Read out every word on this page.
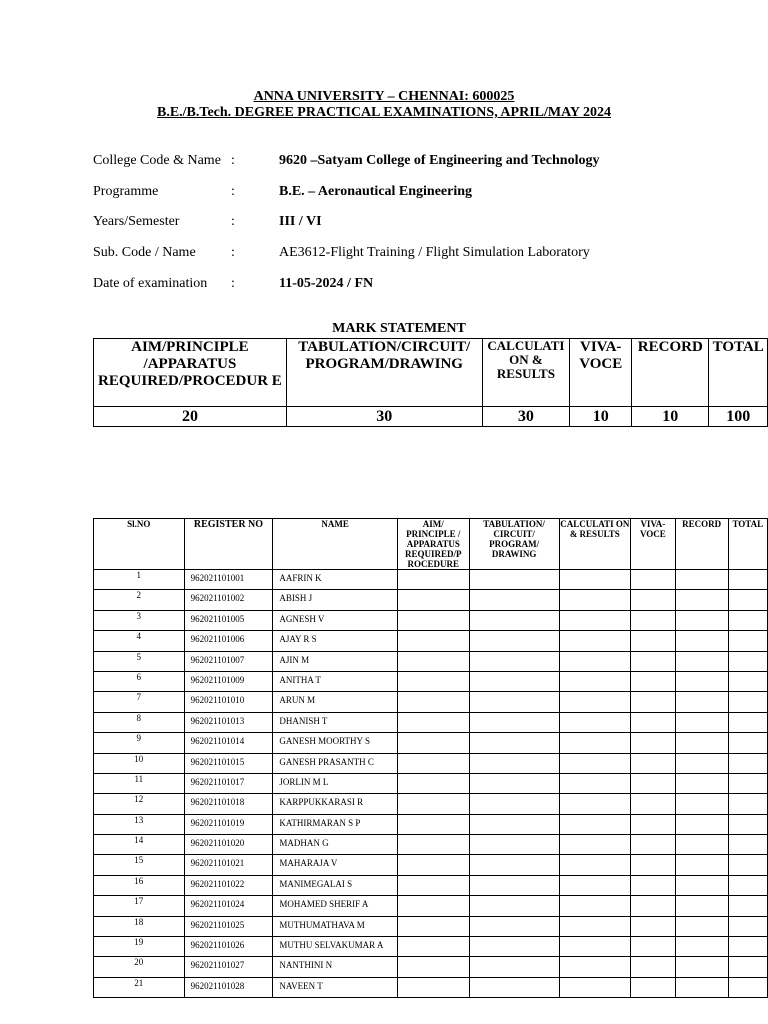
ANNA UNIVERSITY – CHENNAI: 600025
B.E./B.Tech. DEGREE PRACTICAL EXAMINATIONS, APRIL/MAY 2024
College Code & Name :	9620 –Satyam College of Engineering and Technology
Programme	:	B.E. – Aeronautical Engineering
Years/Semester	:	III / VI
Sub. Code / Name	:	AE3612-Flight Training / Flight Simulation Laboratory
Date of examination :	11-05-2024 / FN
MARK STATEMENT
AIM/PRINCIPLE /APPARATUS REQUIRED/PROCEDUR E	TABULATION/CIRCUIT/ PROGRAM/DRAWING	CALCULATI ON & RESULTS	VIVA- VOCE	RECORD	TOTAL
20	30	30	10	10	100
Sl.NO	REGISTER NO	NAME	AIM/ PRINCIPLE / APPARATUS REQUIRED/P ROCEDURE	TABULATION/ CIRCUIT/ PROGRAM/ DRAWING	CALCULATI ON & RESULTS	VIVA- VOCE	RECORD	TOTAL
1	962021101001	AAFRIN K						
2	962021101002	ABISH J						
3	962021101005	AGNESH V						
4	962021101006	AJAY R S						
5	962021101007	AJIN M						
6	962021101009	ANITHA T						
7	962021101010	ARUN M						
8	962021101013	DHANISH T						
9	962021101014	GANESH MOORTHY S						
10	962021101015	GANESH PRASANTH C						
11	962021101017	JORLIN M L						
12	962021101018	KARPPUKKARASI R						
13	962021101019	KATHIRMARAN S P						
14	962021101020	MADHAN G						
15	962021101021	MAHARAJA V						
16	962021101022	MANIMEGALAI S						
17	962021101024	MOHAMED SHERIF A						
18	962021101025	MUTHUMATHAVA M						
19	962021101026	MUTHU SELVAKUMAR A						
20	962021101027	NANTHINI N						
21	962021101028	NAVEEN T						
